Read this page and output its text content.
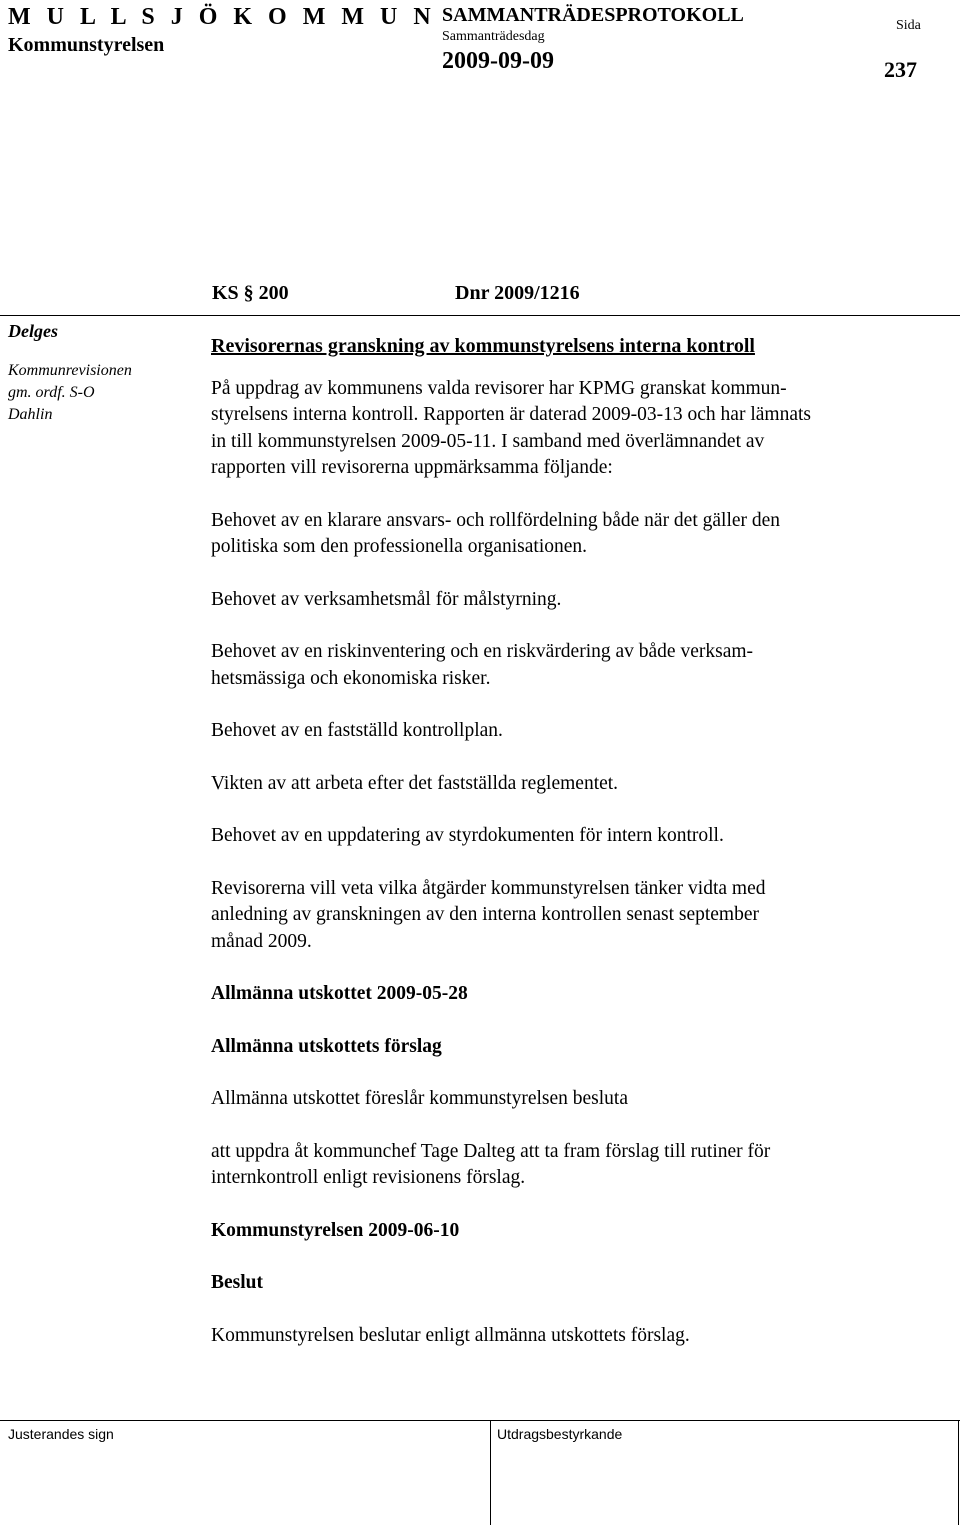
M U L L S J Ö K O M M U N
Kommunstyrelsen
SAMMANTRÄDESPROTOKOLL
Sammanträdesdag
2009-09-09
Sida
237
KS § 200	Dnr 2009/1216
Delges
Kommunrevisionen
gm. ordf. S-O
Dahlin

Revisorernas granskning av kommunstyrelsens interna kontroll

På uppdrag av kommunens valda revisorer har KPMG granskat kommun-
styrelsens interna kontroll. Rapporten är daterad 2009-03-13 och har lämnats
in till kommunstyrelsen 2009-05-11. I samband med överlämnandet av
rapporten vill revisorerna uppmärksamma följande:

Behovet av en klarare ansvars- och rollfördelning både när det gäller den
politiska som den professionella organisationen.

Behovet av verksamhetsmål för målstyrning.

Behovet av en riskinventering och en riskvärdering av både verksam-
hetsmässiga och ekonomiska risker.

Behovet av en fastställd kontrollplan.

Vikten av att arbeta efter det fastställda reglementet.

Behovet av en uppdatering av styrdokumenten för intern kontroll.

Revisorerna vill veta vilka åtgärder kommunstyrelsen tänker vidta med
anledning av granskningen av den interna kontrollen senast september
månad 2009.

Allmänna utskottet 2009-05-28

Allmänna utskottets förslag

Allmänna utskottet föreslår kommunstyrelsen besluta

att uppdra åt kommunchef Tage Dalteg att ta fram förslag till rutiner för
internkontroll enligt revisionens förslag.

Kommunstyrelsen 2009-06-10

Beslut

Kommunstyrelsen beslutar enligt allmänna utskottets förslag.

Justerandes sign	Utdragsbestyrkande
